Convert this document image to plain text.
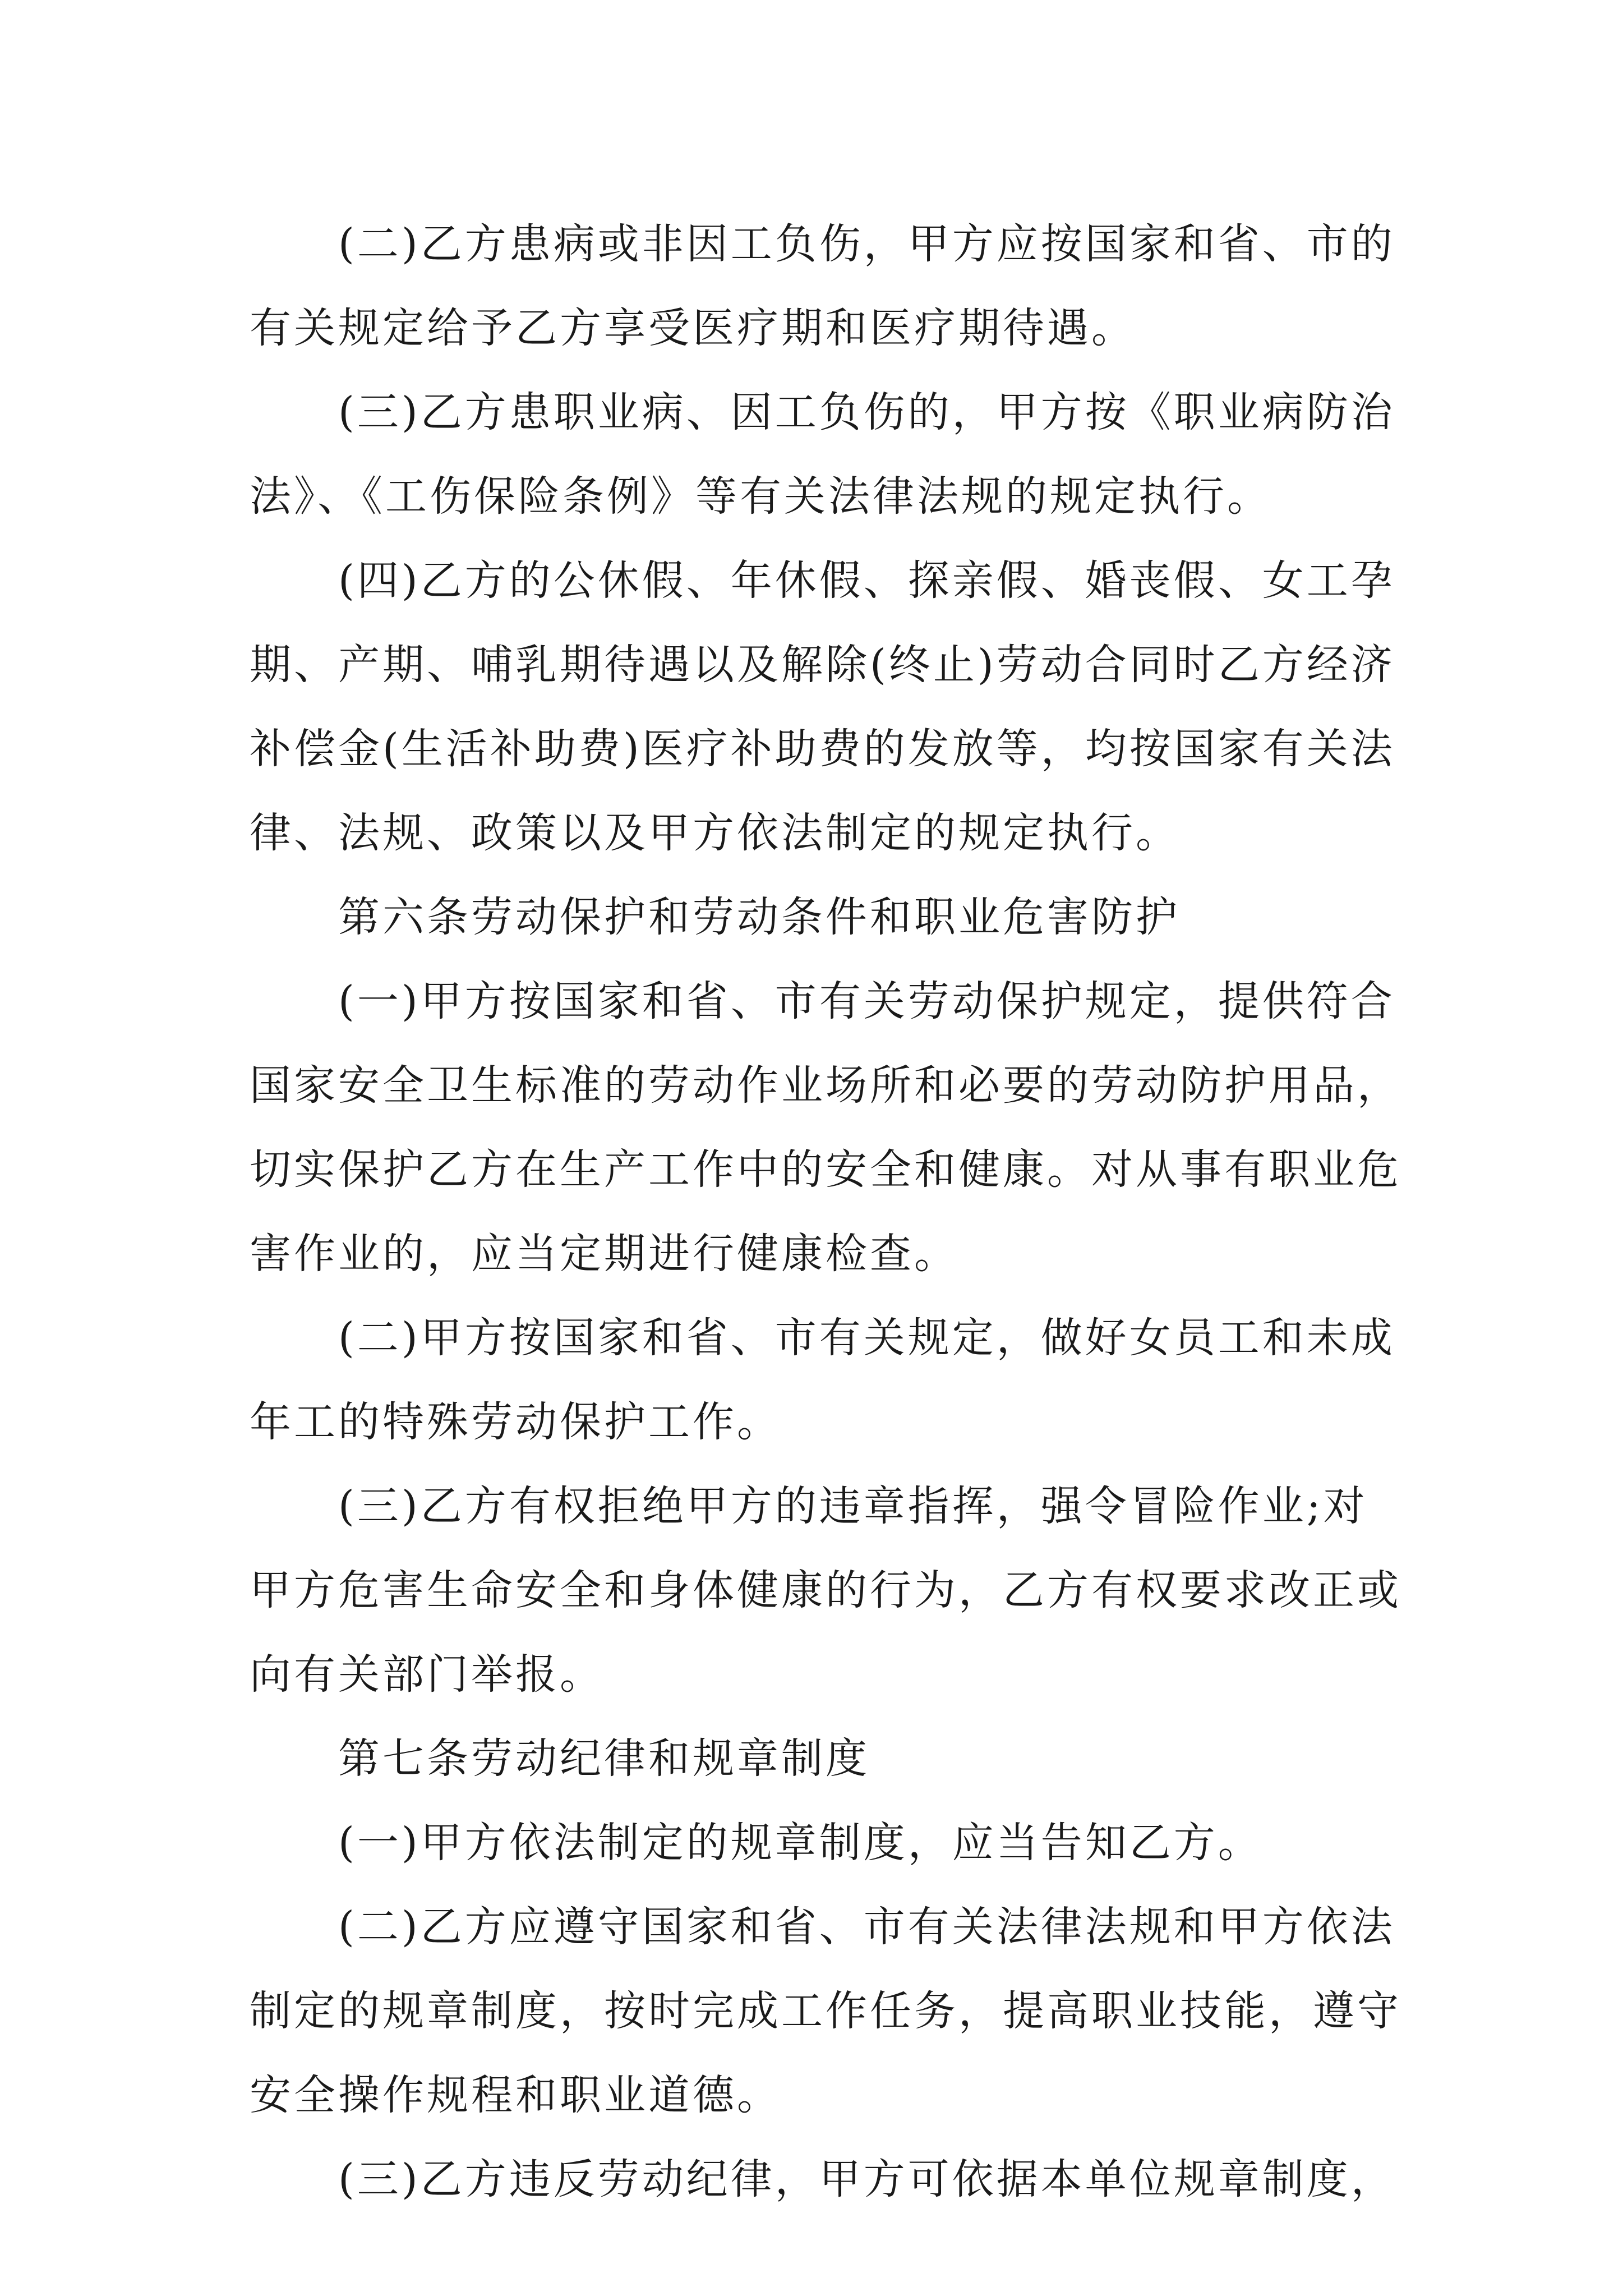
(二)乙方患病或非因工负伤，甲方应按国家和省、市的
有关规定给予乙方享受医疗期和医疗期待遇。
(三)乙方患职业病、因工负伤的，甲方按《职业病防治
法》、《工伤保险条例》等有关法律法规的规定执行。
(四)乙方的公休假、年休假、探亲假、婚丧假、女工孕
期、产期、哺乳期待遇以及解除(终止)劳动合同时乙方经济
补偿金(生活补助费)医疗补助费的发放等，均按国家有关法
律、法规、政策以及甲方依法制定的规定执行。
第六条劳动保护和劳动条件和职业危害防护
(一)甲方按国家和省、市有关劳动保护规定，提供符合
国家安全卫生标准的劳动作业场所和必要的劳动防护用品，
切实保护乙方在生产工作中的安全和健康。对从事有职业危
害作业的，应当定期进行健康检查。
(二)甲方按国家和省、市有关规定，做好女员工和未成
年工的特殊劳动保护工作。
(三)乙方有权拒绝甲方的违章指挥，强令冒险作业;对
甲方危害生命安全和身体健康的行为，乙方有权要求改正或
向有关部门举报。
第七条劳动纪律和规章制度
(一)甲方依法制定的规章制度，应当告知乙方。
(二)乙方应遵守国家和省、市有关法律法规和甲方依法
制定的规章制度，按时完成工作任务，提高职业技能，遵守
安全操作规程和职业道德。
(三)乙方违反劳动纪律，甲方可依据本单位规章制度，
